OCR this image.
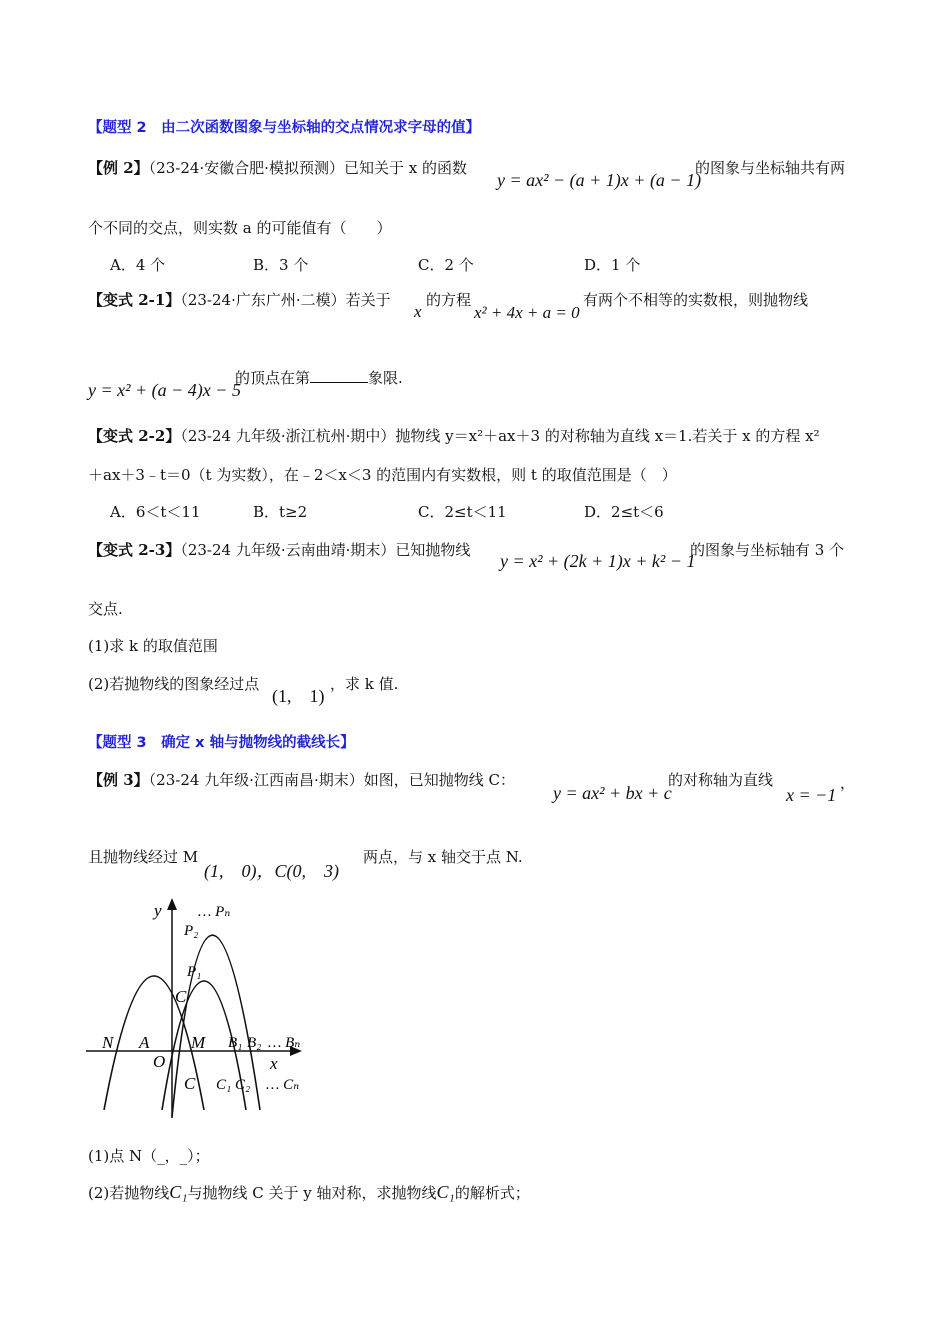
【题型 2　由二次函数图象与坐标轴的交点情况求字母的值】
【例 2】（23-24·安徽合肥·模拟预测）已知关于 x 的函数
y = ax² − (a + 1)x + (a − 1)
的图象与坐标轴共有两
个不同的交点，则实数 a 的可能值有（　　）
A．4 个	B．3 个	C．2 个	D．1 个
【变式 2-1】（23-24·广东广州·二模）若关于
x
的方程
x² + 4x + a = 0
有两个不相等的实数根，则抛物线
y = x² + (a − 4)x − 5
的顶点在第	象限.
【变式 2-2】（23-24 九年级·浙江杭州·期中）抛物线 y＝x²＋ax＋3 的对称轴为直线 x＝1.若关于 x 的方程 x²
＋ax＋3﹣t＝0（t 为实数），在﹣2＜x＜3 的范围内有实数根，则 t 的取值范围是（　）
A．6＜t＜11	B．t≥2	C．2≤t＜11	D．2≤t＜6
【变式 2-3】（23-24 九年级·云南曲靖·期末）已知抛物线
y = x² + (2k + 1)x + k² − 1
的图象与坐标轴有 3 个
交点.
(1)求 k 的取值范围
(2)若抛物线的图象经过点
(1,　1)
，求 k 值.
【题型 3　确定 x 轴与抛物线的截线长】
【例 3】（23-24 九年级·江西南昌·期末）如图，已知抛物线 C：
y = ax² + bx + c
的对称轴为直线
x = −1
，
且抛物线经过 M
(1,　0)，C(0,　3)
两点，与 x 轴交于点 N.
y … Pₙ
P₂
P₁
C
N A M B₁ B₂ … Bₙ
O	x
C C₁ C₂ … Cₙ
(1)点 N（_，_）；
(2)若抛物线C₁与抛物线 C 关于 y 轴对称，求抛物线C₁的解析式；
